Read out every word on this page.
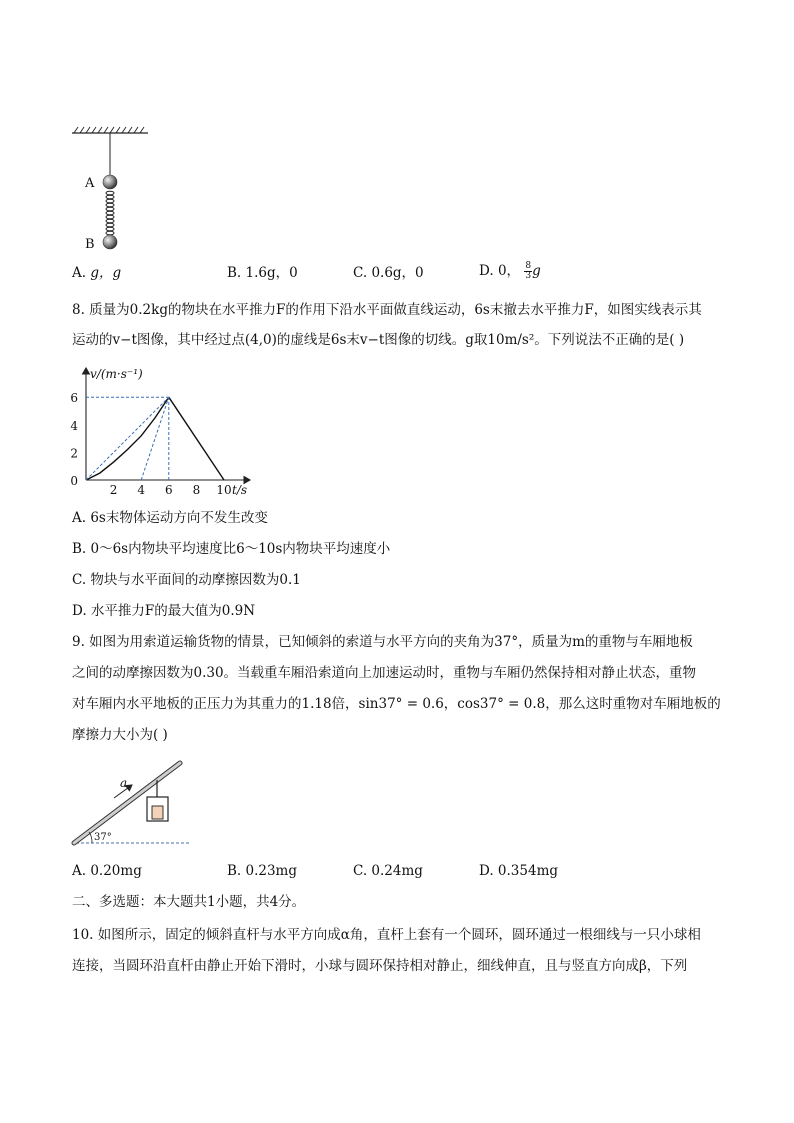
A
B
A. g，g	B. 1.6g，0	C. 0.6g，0	D. 0， $\frac{8}{3}$ g
8. 质量为0.2kg的物块在水平推力F的作用下沿水平面做直线运动，6s末撤去水平推力F，如图实线表示其
运动的v−t图像，其中经过点(4,0)的虚线是6s末v−t图像的切线。g取10m/s²。下列说法不正确的是( )
v/(m·s⁻¹)
t/s
2 4 6 8 10
0
2
4
6
A. 6s末物体运动方向不发生改变
B. 0～6s内物块平均速度比6～10s内物块平均速度小
C. 物块与水平面间的动摩擦因数为0.1
D. 水平推力F的最大值为0.9N
9. 如图为用索道运输货物的情景，已知倾斜的索道与水平方向的夹角为37°，质量为m的重物与车厢地板
之间的动摩擦因数为0.30。当载重车厢沿索道向上加速运动时，重物与车厢仍然保持相对静止状态，重物
对车厢内水平地板的正压力为其重力的1.18倍，sin37° = 0.6，cos37° = 0.8，那么这时重物对车厢地板的
摩擦力大小为( )
a
37°
A. 0.20mg	B. 0.23mg	C. 0.24mg	D. 0.354mg
二、多选题：本大题共1小题，共4分。
10. 如图所示，固定的倾斜直杆与水平方向成α角，直杆上套有一个圆环，圆环通过一根细线与一只小球相
连接，当圆环沿直杆由静止开始下滑时，小球与圆环保持相对静止，细线伸直，且与竖直方向成β，下列
